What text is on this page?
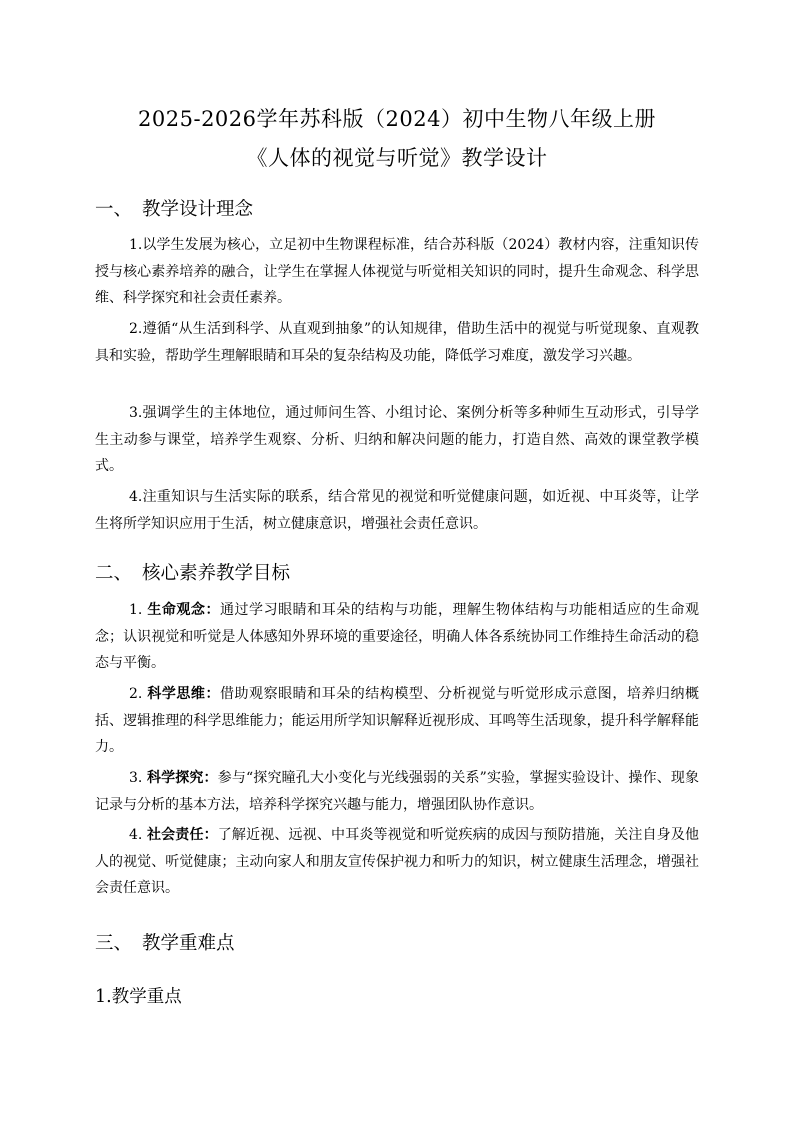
2025-2026学年苏科版（2024）初中生物八年级上册
《人体的视觉与听觉》教学设计
一、 教学设计理念
1.以学生发展为核心，立足初中生物课程标准，结合苏科版（2024）教材内容，注重知识传授与核心素养培养的融合，让学生在掌握人体视觉与听觉相关知识的同时，提升生命观念、科学思维、科学探究和社会责任素养。
2.遵循“从生活到科学、从直观到抽象”的认知规律，借助生活中的视觉与听觉现象、直观教具和实验，帮助学生理解眼睛和耳朵的复杂结构及功能，降低学习难度，激发学习兴趣。
3.强调学生的主体地位，通过师问生答、小组讨论、案例分析等多种师生互动形式，引导学生主动参与课堂，培养学生观察、分析、归纳和解决问题的能力，打造自然、高效的课堂教学模式。
4.注重知识与生活实际的联系，结合常见的视觉和听觉健康问题，如近视、中耳炎等，让学生将所学知识应用于生活，树立健康意识，增强社会责任意识。
二、 核心素养教学目标
1. 生命观念：通过学习眼睛和耳朵的结构与功能，理解生物体结构与功能相适应的生命观念；认识视觉和听觉是人体感知外界环境的重要途径，明确人体各系统协同工作维持生命活动的稳态与平衡。
2. 科学思维：借助观察眼睛和耳朵的结构模型、分析视觉与听觉形成示意图，培养归纳概括、逻辑推理的科学思维能力；能运用所学知识解释近视形成、耳鸣等生活现象，提升科学解释能力。
3. 科学探究：参与“探究瞳孔大小变化与光线强弱的关系”实验，掌握实验设计、操作、现象记录与分析的基本方法，培养科学探究兴趣与能力，增强团队协作意识。
4. 社会责任：了解近视、远视、中耳炎等视觉和听觉疾病的成因与预防措施，关注自身及他人的视觉、听觉健康；主动向家人和朋友宣传保护视力和听力的知识，树立健康生活理念，增强社会责任意识。
三、 教学重难点
1.教学重点
